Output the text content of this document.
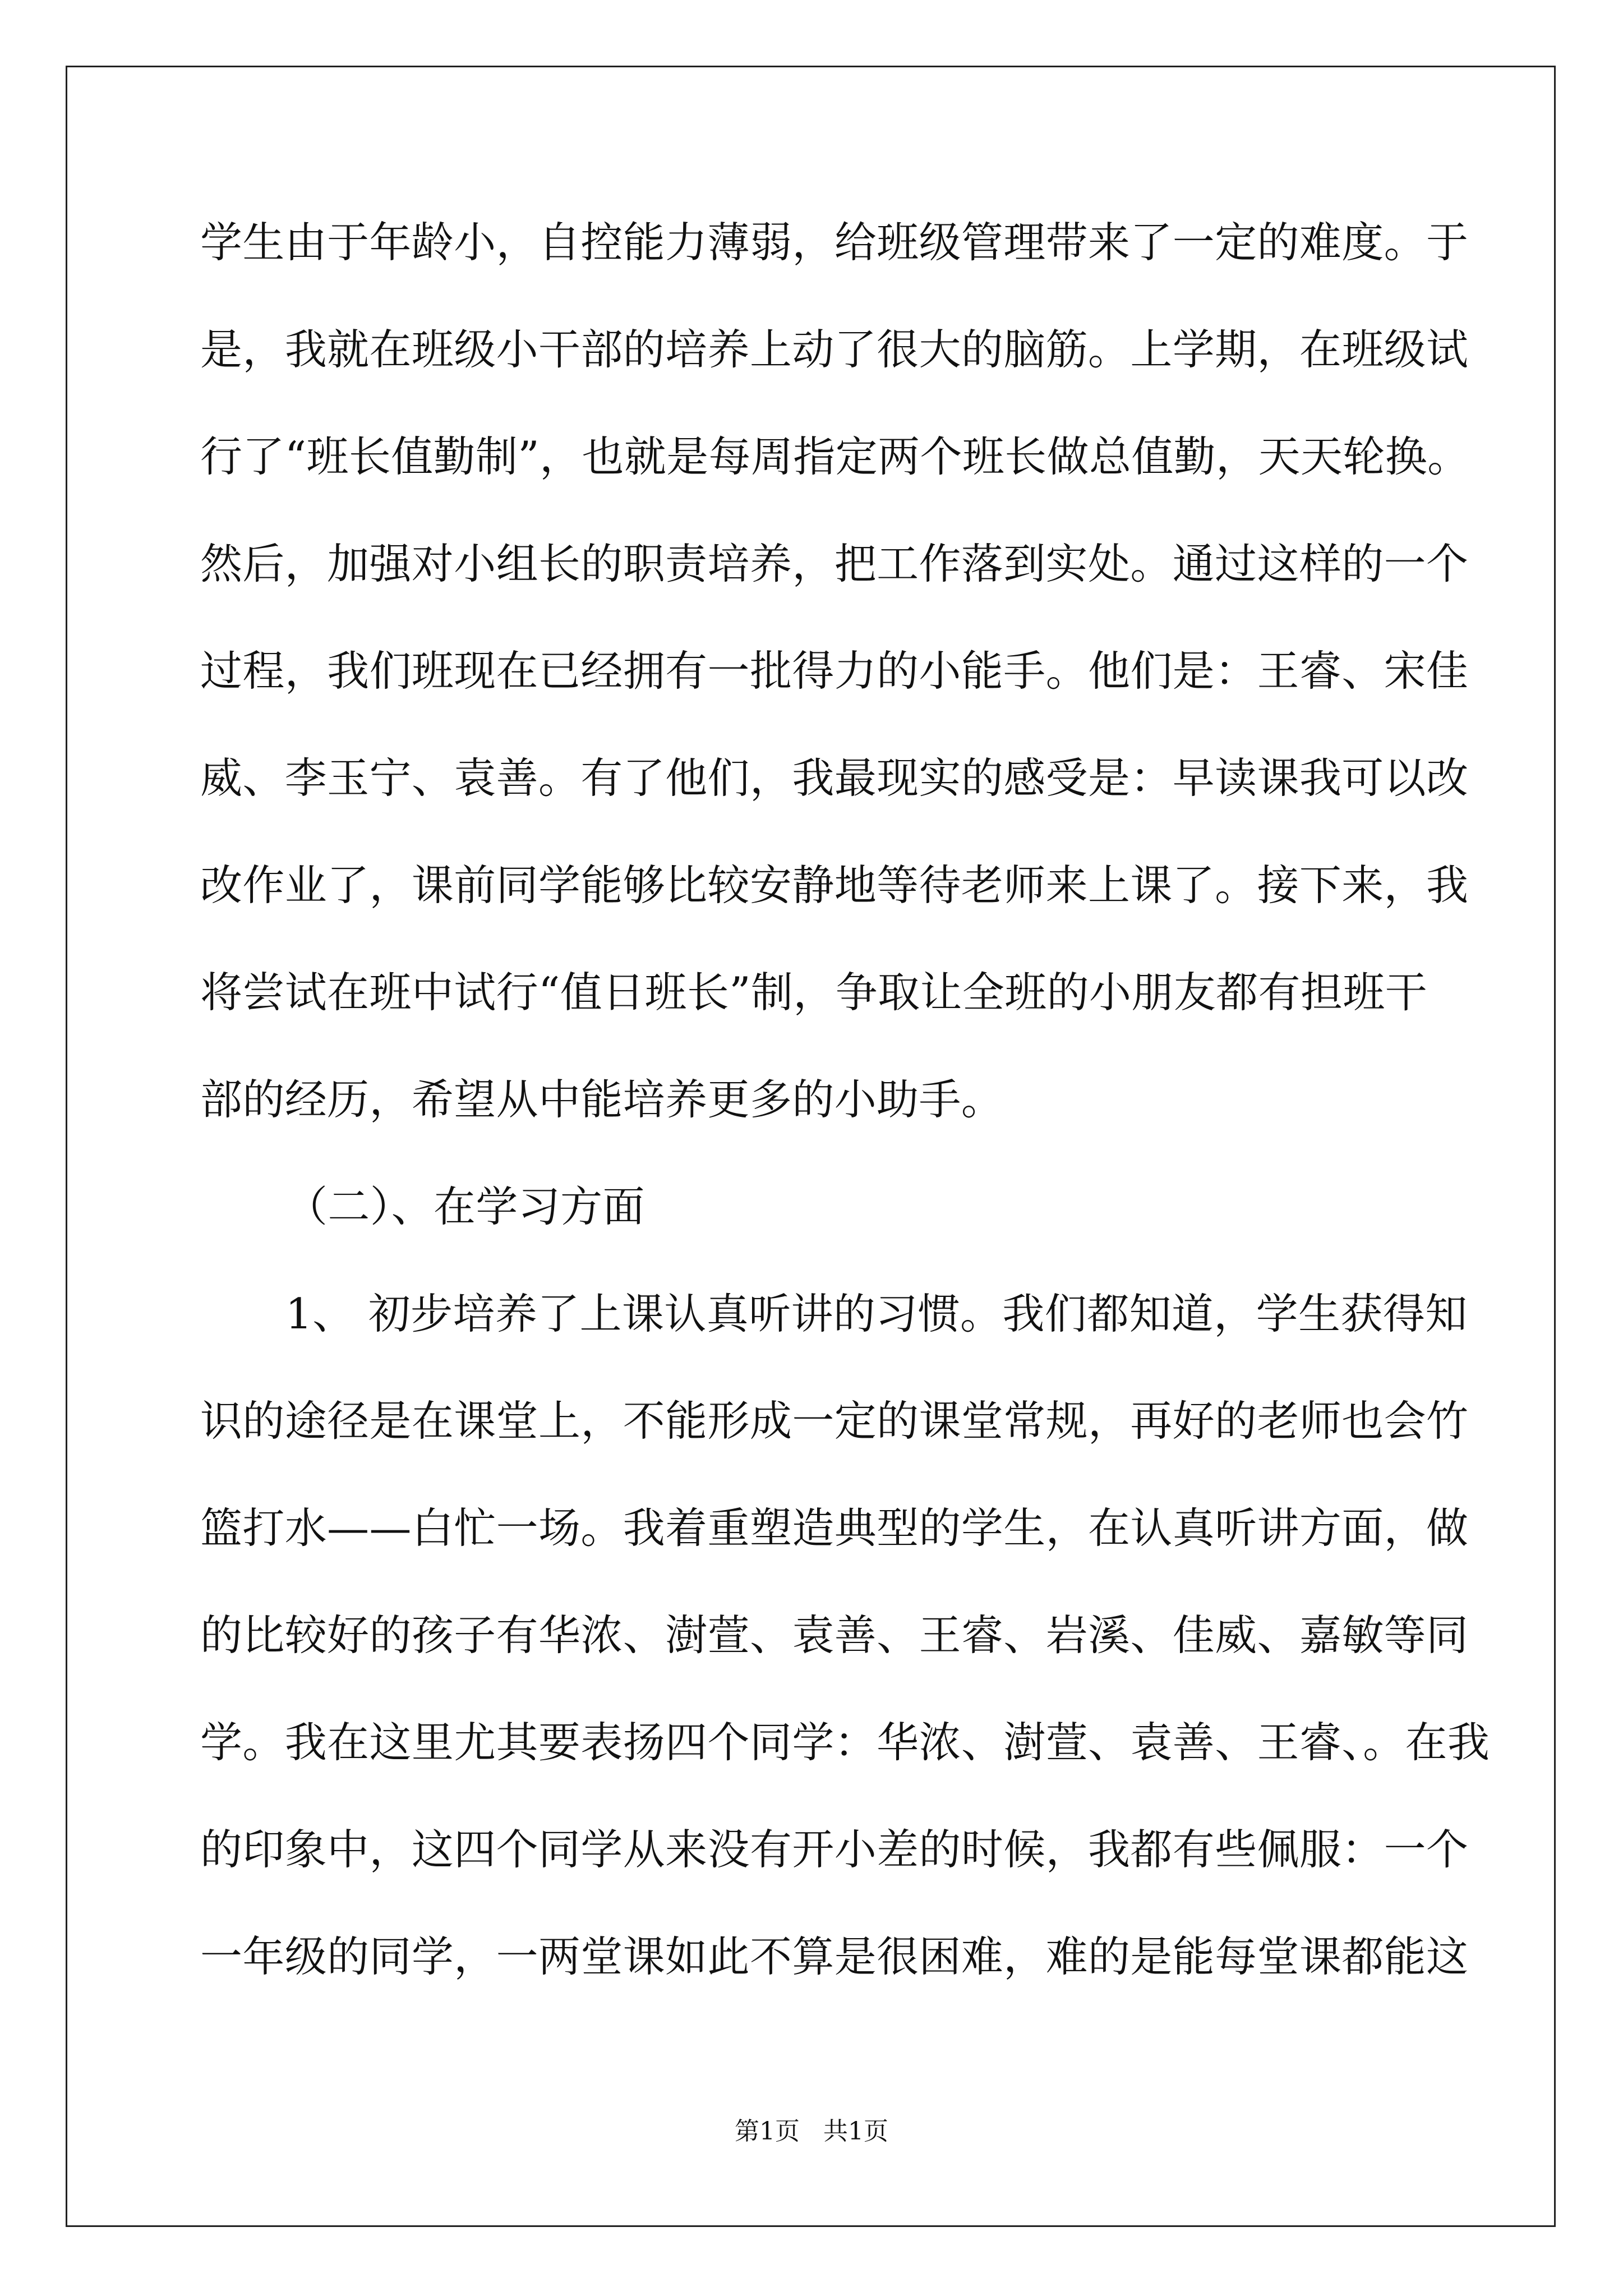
学生由于年龄小，自控能力薄弱，给班级管理带来了一定的难度。于
是，我就在班级小干部的培养上动了很大的脑筋。上学期，在班级试
行了“班长值勤制”，也就是每周指定两个班长做总值勤，天天轮换。
然后，加强对小组长的职责培养，把工作落到实处。通过这样的一个
过程，我们班现在已经拥有一批得力的小能手。他们是：王睿、宋佳
威、李玉宁、袁善。有了他们，我最现实的感受是：早读课我可以改
改作业了，课前同学能够比较安静地等待老师来上课了。接下来，我
将尝试在班中试行“值日班长”制，争取让全班的小朋友都有担班干
部的经历，希望从中能培养更多的小助手。
（二）、在学习方面
1、 初步培养了上课认真听讲的习惯。我们都知道，学生获得知
识的途径是在课堂上，不能形成一定的课堂常规，再好的老师也会竹
篮打水——白忙一场。我着重塑造典型的学生，在认真听讲方面，做
的比较好的孩子有华浓、澍萱、袁善、王睿、岩溪、佳威、嘉敏等同
学。我在这里尤其要表扬四个同学：华浓、澍萱、袁善、王睿、。在我
的印象中，这四个同学从来没有开小差的时候，我都有些佩服：一个
一年级的同学，一两堂课如此不算是很困难，难的是能每堂课都能这
第1页   共1页
